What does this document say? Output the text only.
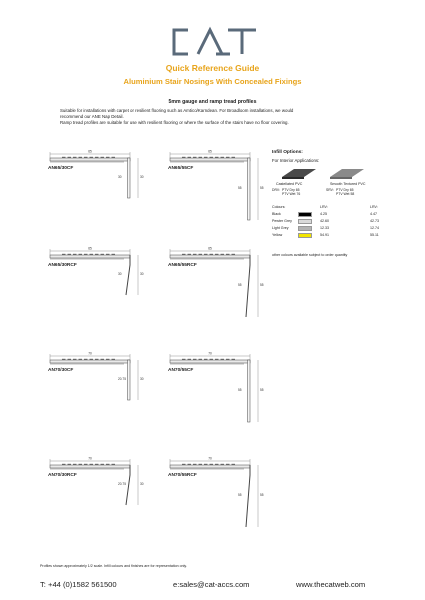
Quick Reference Guide
Aluminium Stair Nosings With Concealed Fixings
5mm gauge and ramp tread profiles
Suitable for installations with carpet or resilient flooring such as Amtico/Karndean. For Broadloom installations, we would
recommend our ANE Nap Detail.
Ramp tread profiles are suitable for use with resilient flooring or where the surface of the stairs have no floor covering.
65
30
30
AN65/30CF
65
55
55
AN65/55CF
65
30
30
AN65/30RCF
65
55
55
AN65/55RCF
70
30
20.75
AN70/30CF
70
55
55
AN70/55CF
70
30
20.75
AN70/30RCF
70
55
55
AN70/55RCF
Infill Options:
For Interior Applications:
Castellated PVC	Smooth Textured PVC
DRV: PTV Dry 65
PTV Wet 76
SRV: PTV Dry 65
PTV Wet 58
Colours:	LRV:	LRV:
Black	4.25	4.47
Pewter Grey	42.60	42.73
Light Grey	12.33	12.74
Yellow	54.91	55.11
other colours available subject to order quantity
Profiles shown approximately 1/2 scale. Infill colours and finishes are for representation only.
T: +44 (0)1582 561500	e:sales@cat-accs.com	www.thecatweb.com
